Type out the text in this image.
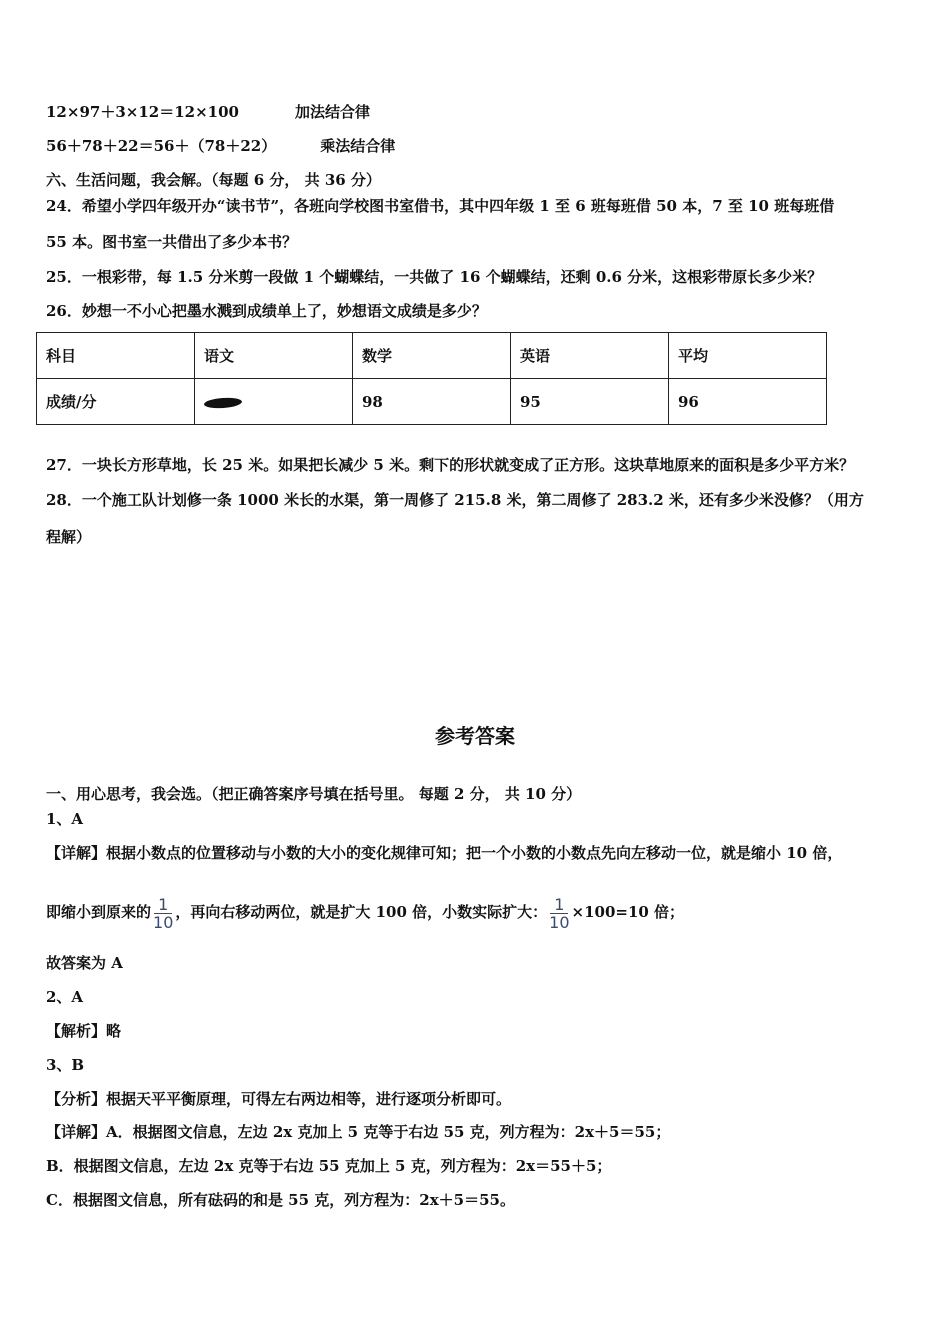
12×97＋3×12＝12×100	加法结合律
56＋78＋22＝56＋（78＋22）	乘法结合律
六、生活问题，我会解。（每题 6 分， 共 36 分）
24．希望小学四年级开办“读书节”，各班向学校图书室借书，其中四年级 1 至 6 班每班借 50 本，7 至 10 班每班借
55 本。图书室一共借出了多少本书？
25．一根彩带，每 1.5 分米剪一段做 1 个蝴蝶结，一共做了 16 个蝴蝶结，还剩 0.6 分米，这根彩带原长多少米？
26．妙想一不小心把墨水溅到成绩单上了，妙想语文成绩是多少？
科目	语文	数学	英语	平均
成绩/分		98	95	96
27．一块长方形草地，长 25 米。如果把长减少 5 米。剩下的形状就变成了正方形。这块草地原来的面积是多少平方米？
28．一个施工队计划修一条 1000 米长的水渠，第一周修了 215.8 米，第二周修了 283.2 米，还有多少米没修？（用方
程解）
参考答案
一、用心思考，我会选。（把正确答案序号填在括号里。 每题 2 分， 共 10 分）
1、A
【详解】根据小数点的位置移动与小数的大小的变化规律可知；把一个小数的小数点先向左移动一位，就是缩小 10 倍，
即缩小到原来的 $\frac{1}{10}$ ，再向右移动两位，就是扩大 100 倍，小数实际扩大： $\frac{1}{10} \times 100=10$ 倍；
故答案为 A
2、A
【解析】略
3、B
【分析】根据天平平衡原理，可得左右两边相等，进行逐项分析即可。
【详解】A．根据图文信息，左边 2x 克加上 5 克等于右边 55 克，列方程为：2x＋5＝55；
B．根据图文信息，左边 2x 克等于右边 55 克加上 5 克，列方程为：2x＝55＋5；
C．根据图文信息，所有砝码的和是 55 克，列方程为：2x＋5＝55。
